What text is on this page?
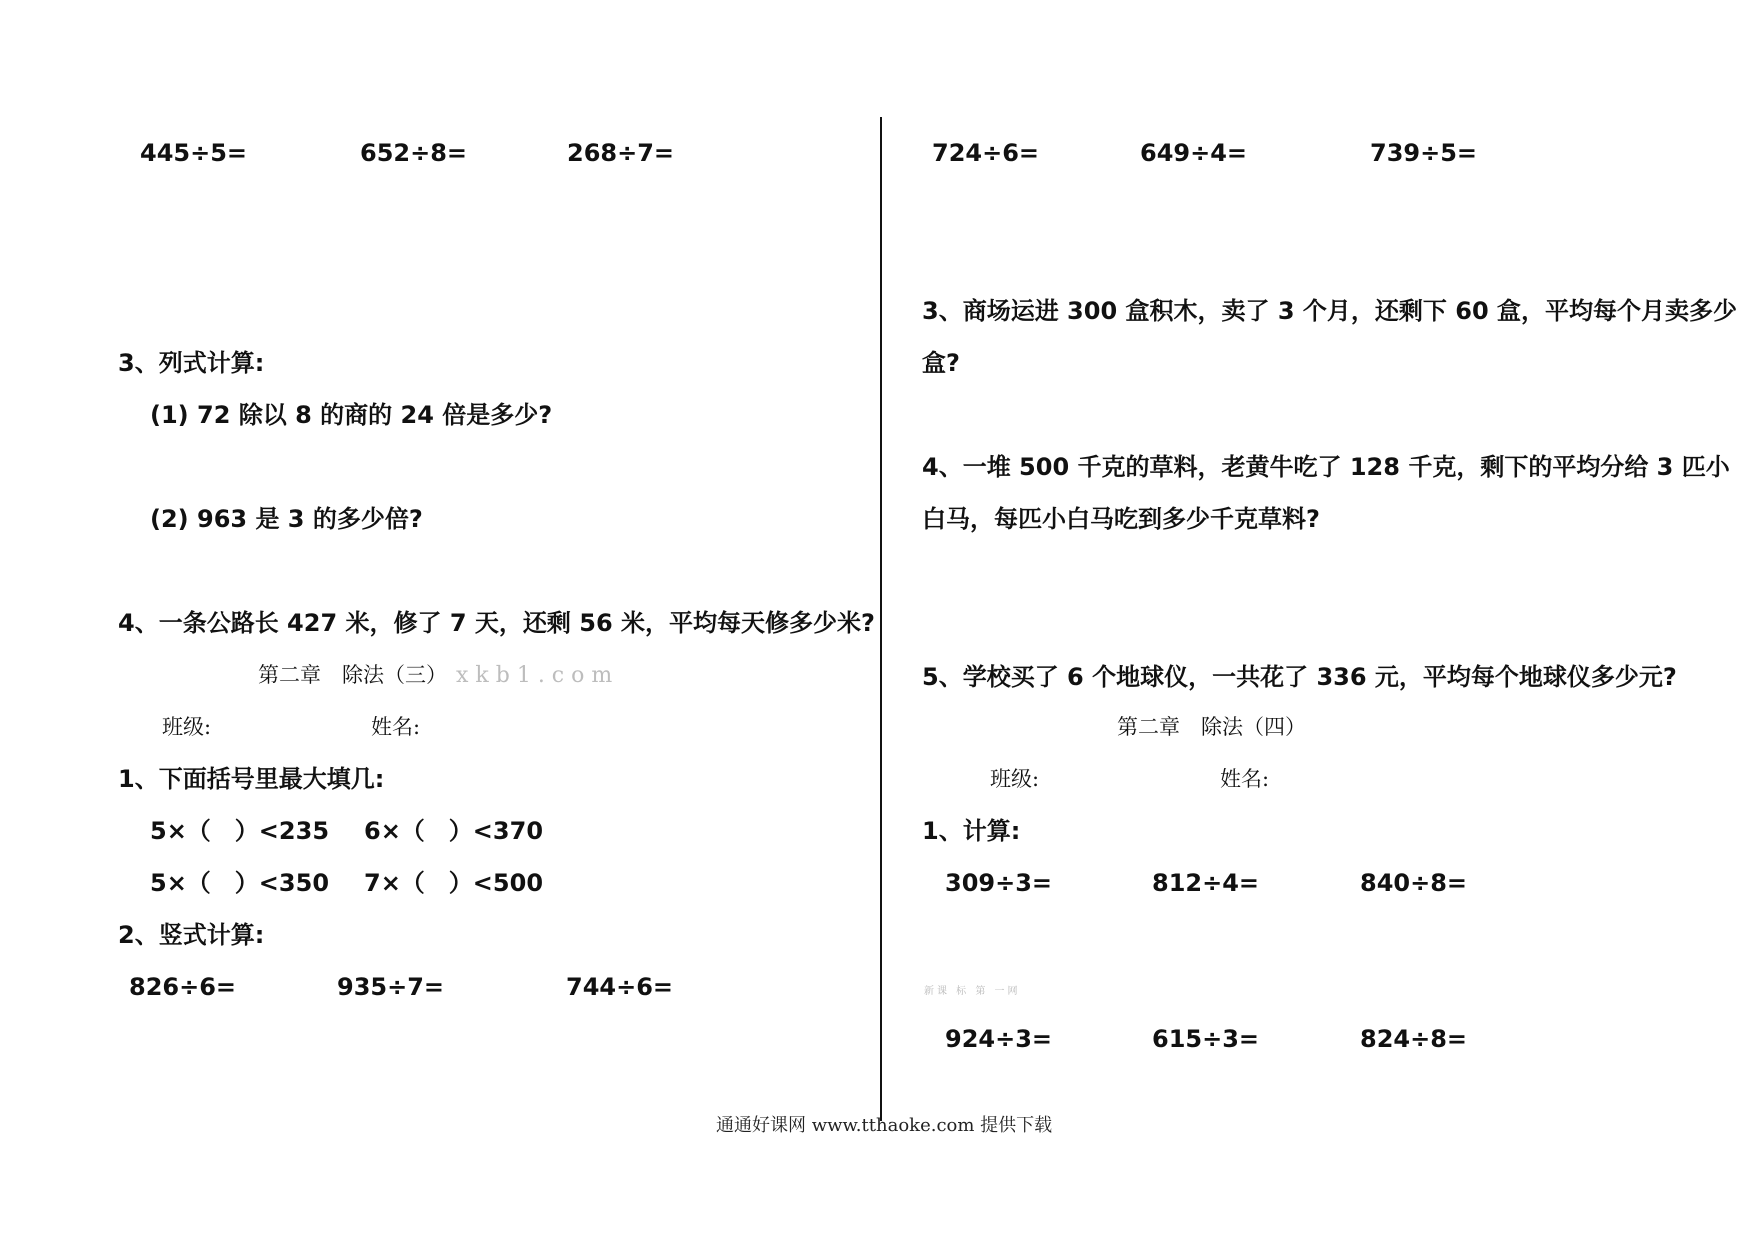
445÷5=	652÷8=	268÷7=
3、列式计算:
(1) 72 除以 8 的商的 24 倍是多少?
(2) 963 是 3 的多少倍?
4、一条公路长 427 米，修了 7 天，还剩 56 米，平均每天修多少米?
第二章　除法（三） xkb1.com
班级:	姓名:
1、下面括号里最大填几:
5×（　）<235 6×（　）<370
5×（　）<350 7×（　）<500
2、竖式计算:
826÷6=	935÷7=	744÷6=
724÷6=	649÷4=	739÷5=
3、商场运进 300 盒积木，卖了 3 个月，还剩下 60 盒，平均每个月卖多少
盒?
4、一堆 500 千克的草料，老黄牛吃了 128 千克，剩下的平均分给 3 匹小
白马，每匹小白马吃到多少千克草料?
5、学校买了 6 个地球仪，一共花了 336 元，平均每个地球仪多少元?
第二章　除法（四）
班级:	姓名:
1、计算:
309÷3=	812÷4=	840÷8=
新课 标 第 一网
924÷3=	615÷3=	824÷8=
通通好课网 www.tthaoke.com 提供下载
